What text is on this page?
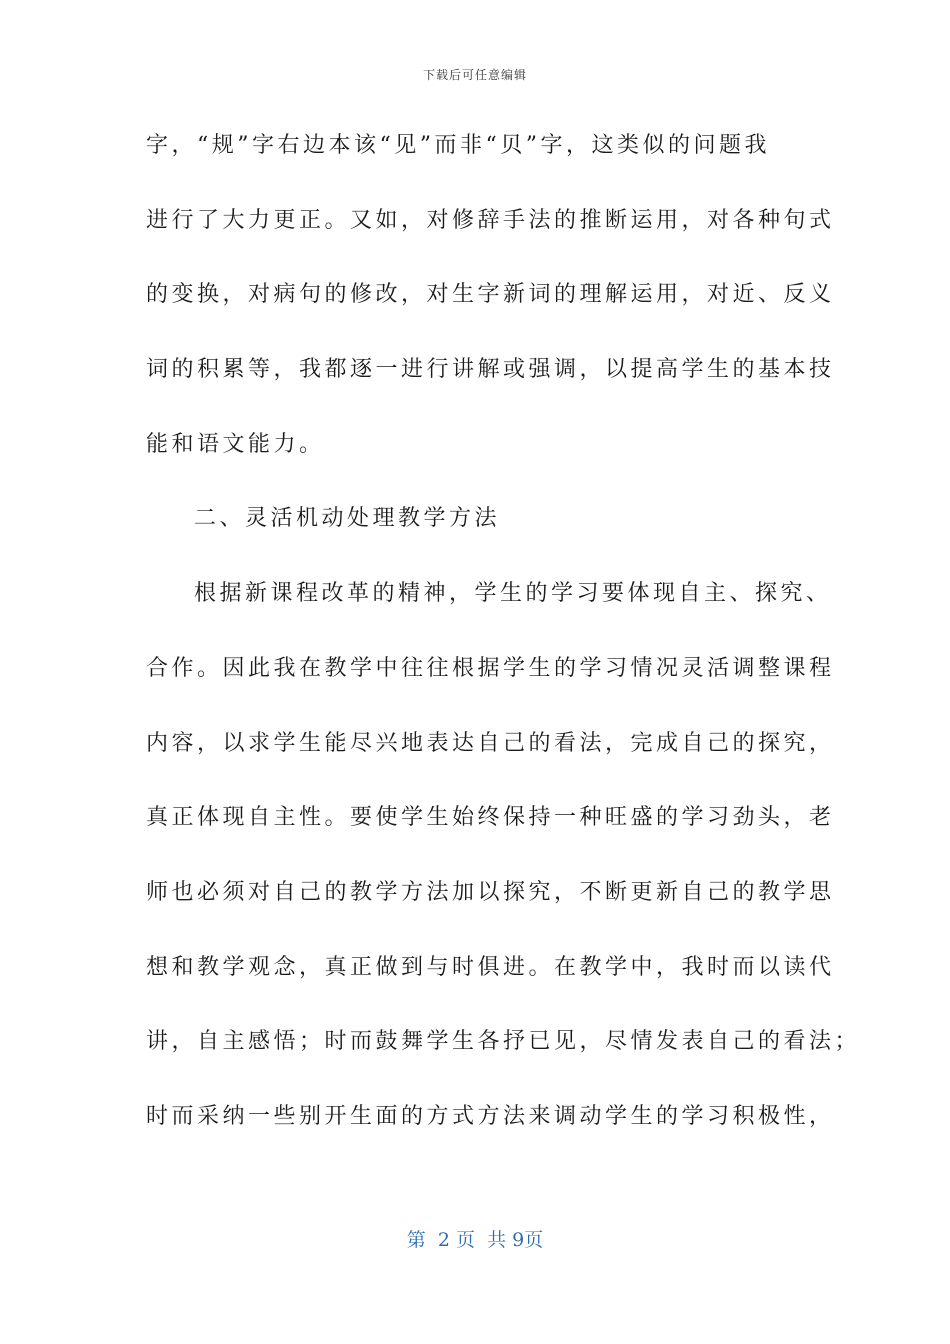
下载后可任意编辑
字，“规”字右边本该“见”而非“贝”字，这类似的问题我
进行了大力更正。又如，对修辞手法的推断运用，对各种句式
的变换，对病句的修改，对生字新词的理解运用，对近、反义
词的积累等，我都逐一进行讲解或强调，以提高学生的基本技
能和语文能力。
二、灵活机动处理教学方法
根据新课程改革的精神，学生的学习要体现自主、探究、
合作。因此我在教学中往往根据学生的学习情况灵活调整课程
内容，以求学生能尽兴地表达自己的看法，完成自己的探究，
真正体现自主性。要使学生始终保持一种旺盛的学习劲头，老
师也必须对自己的教学方法加以探究，不断更新自己的教学思
想和教学观念，真正做到与时俱进。在教学中，我时而以读代
讲，自主感悟；时而鼓舞学生各抒已见，尽情发表自己的看法；
时而采纳一些别开生面的方式方法来调动学生的学习积极性，
第  2 页  共 9页
